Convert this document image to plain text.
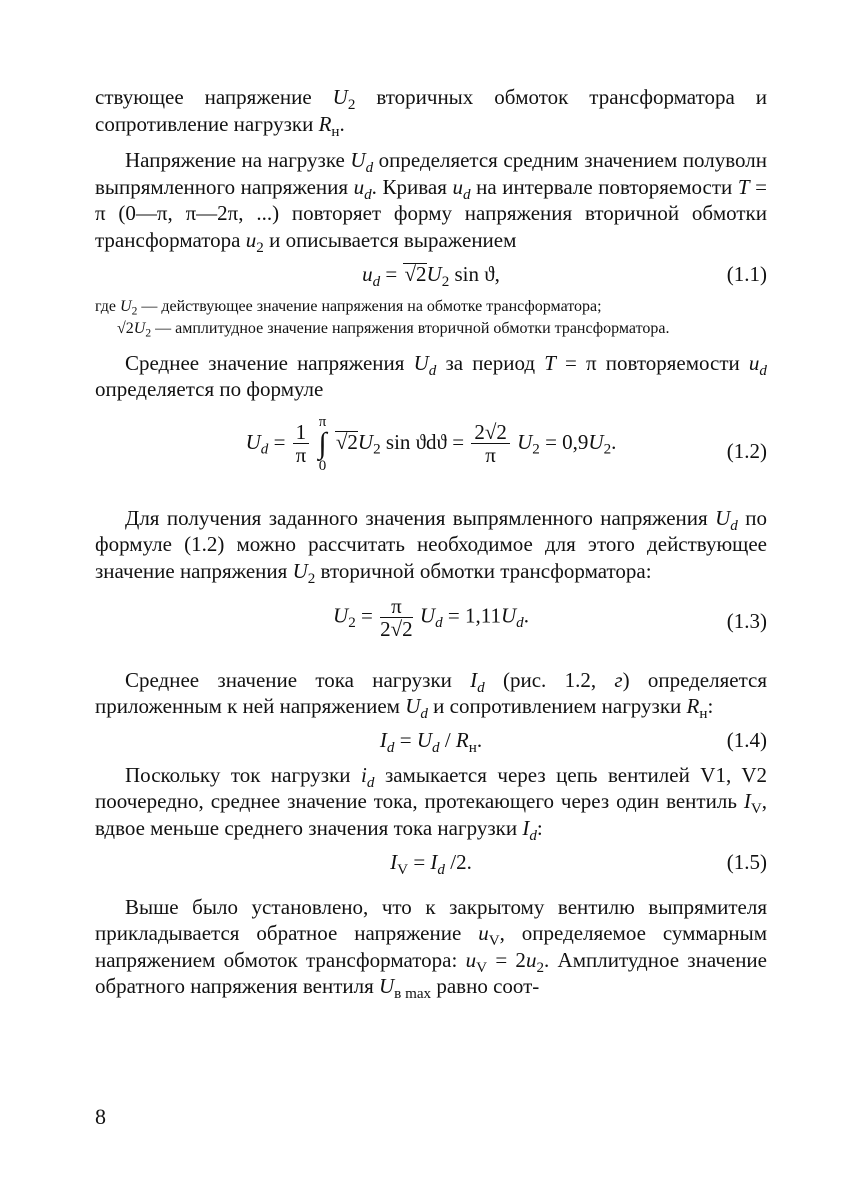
ствующее напряжение $U_2$ вторичных обмоток трансформатора и сопротивление нагрузки $R_н$.

Напряжение на нагрузке $U_d$ определяется средним значением полуволн выпрямленного напряжения $u_d$. Кривая $u_d$ на интервале повторяемости T = π (0—π, π—2π, ...) повторяет форму напряжения вторичной обмотки трансформатора $u_2$ и описывается выражением

$u_d = √2U_2$ sin ϑ,	(1.1)

где $U_2$ — действующее значение напряжения на обмотке трансформатора;

$√2U_2$ — амплитудное значение напряжения вторичной обмотки трансформатора.

Среднее значение напряжения $U_d$ за период T = π повторяемости $u_d$ определяется по формуле

$U_d = \frac{1}{\pi}$
π
∫
0
$√2U_2$ $\sin ϑdϑ = \frac{2√2}{\pi} U_2 = 0,9U_2$.	(1.2)

Для получения заданного значения выпрямленного напряжения $U_d$ по формуле (1.2) можно рассчитать необходимое для этого действующее значение напряжения $U_2$ вторичной обмотки трансформатора:

$U_2 = \frac{\pi}{2√2} U_d = 1,11U_d$.	(1.3)

Среднее значение тока нагрузки $I_d$ (рис. 1.2, г) определяется приложенным к ней напряжением $U_d$ и сопротивлением нагрузки $R_н$:

$I_d = U_d / R_н$.	(1.4)

Поскольку ток нагрузки $i_d$ замыкается через цепь вентилей V1, V2 поочередно, среднее значение тока, протекающего через один вентиль $I_V$, вдвое меньше среднего значения тока нагрузки $I_d$:

$I_V = I_d$ /2.	(1.5)

Выше было установлено, что к закрытому вентилю выпрямителя прикладывается обратное напряжение $u_V$, определяемое суммарным напряжением обмоток трансформатора: $u_V = 2u_2$. Амплитудное значение обратного напряжения вентиля $U_{в max}$ равно соот-

8
